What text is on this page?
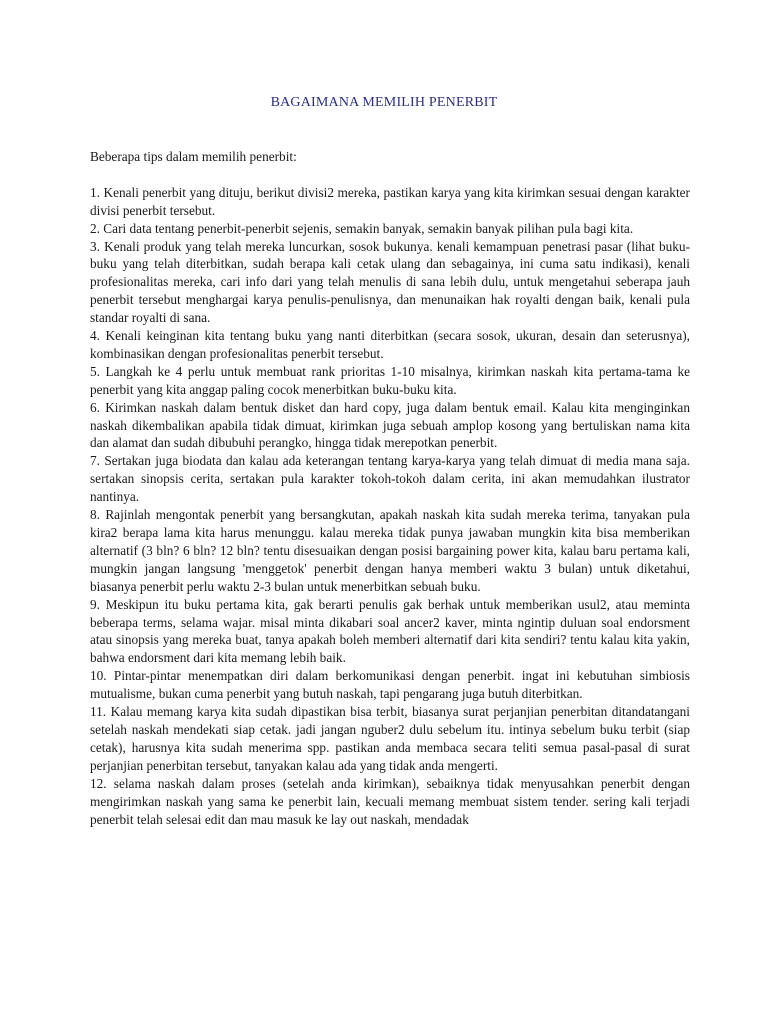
BAGAIMANA MEMILIH PENERBIT

Beberapa tips dalam memilih penerbit:

1. Kenali penerbit yang dituju, berikut divisi2 mereka, pastikan karya yang kita kirimkan sesuai dengan karakter divisi penerbit tersebut.

2. Cari data tentang penerbit-penerbit sejenis, semakin banyak, semakin banyak pilihan pula bagi kita.

3. Kenali produk yang telah mereka luncurkan, sosok bukunya. kenali kemampuan penetrasi pasar (lihat buku-buku yang telah diterbitkan, sudah berapa kali cetak ulang dan sebagainya, ini cuma satu indikasi), kenali profesionalitas mereka, cari info dari yang telah menulis di sana lebih dulu, untuk mengetahui seberapa jauh penerbit tersebut menghargai karya penulis-penulisnya, dan menunaikan hak royalti dengan baik, kenali pula standar royalti di sana.

4. Kenali keinginan kita tentang buku yang nanti diterbitkan (secara sosok, ukuran, desain dan seterusnya), kombinasikan dengan profesionalitas penerbit tersebut.

5. Langkah ke 4 perlu untuk membuat rank prioritas 1-10 misalnya, kirimkan naskah kita pertama-tama ke penerbit yang kita anggap paling cocok menerbitkan buku-buku kita.

6. Kirimkan naskah dalam bentuk disket dan hard copy, juga dalam bentuk email. Kalau kita menginginkan naskah dikembalikan apabila tidak dimuat, kirimkan juga sebuah amplop kosong yang bertuliskan nama kita dan alamat dan sudah dibubuhi perangko, hingga tidak merepotkan penerbit.

7. Sertakan juga biodata dan kalau ada keterangan tentang karya-karya yang telah dimuat di media mana saja. sertakan sinopsis cerita, sertakan pula karakter tokoh-tokoh dalam cerita, ini akan memudahkan ilustrator nantinya.

8. Rajinlah mengontak penerbit yang bersangkutan, apakah naskah kita sudah mereka terima, tanyakan pula kira2 berapa lama kita harus menunggu. kalau mereka tidak punya jawaban mungkin kita bisa memberikan alternatif (3 bln? 6 bln? 12 bln? tentu disesuaikan dengan posisi bargaining power kita, kalau baru pertama kali, mungkin jangan langsung 'menggetok' penerbit dengan hanya memberi waktu 3 bulan) untuk diketahui, biasanya penerbit perlu waktu 2-3 bulan untuk menerbitkan sebuah buku.

9. Meskipun itu buku pertama kita, gak berarti penulis gak berhak untuk memberikan usul2, atau meminta beberapa terms, selama wajar. misal minta dikabari soal ancer2 kaver, minta ngintip duluan soal endorsment atau sinopsis yang mereka buat, tanya apakah boleh memberi alternatif dari kita sendiri? tentu kalau kita yakin, bahwa endorsment dari kita memang lebih baik.

10. Pintar-pintar menempatkan diri dalam berkomunikasi dengan penerbit. ingat ini kebutuhan simbiosis mutualisme, bukan cuma penerbit yang butuh naskah, tapi pengarang juga butuh diterbitkan.

11. Kalau memang karya kita sudah dipastikan bisa terbit, biasanya surat perjanjian penerbitan ditandatangani setelah naskah mendekati siap cetak. jadi jangan nguber2 dulu sebelum itu. intinya sebelum buku terbit (siap cetak), harusnya kita sudah menerima spp. pastikan anda membaca secara teliti semua pasal-pasal di surat perjanjian penerbitan tersebut, tanyakan kalau ada yang tidak anda mengerti.

12. selama naskah dalam proses (setelah anda kirimkan), sebaiknya tidak menyusahkan penerbit dengan mengirimkan naskah yang sama ke penerbit lain, kecuali memang membuat sistem tender. sering kali terjadi penerbit telah selesai edit dan mau masuk ke lay out naskah, mendadak
